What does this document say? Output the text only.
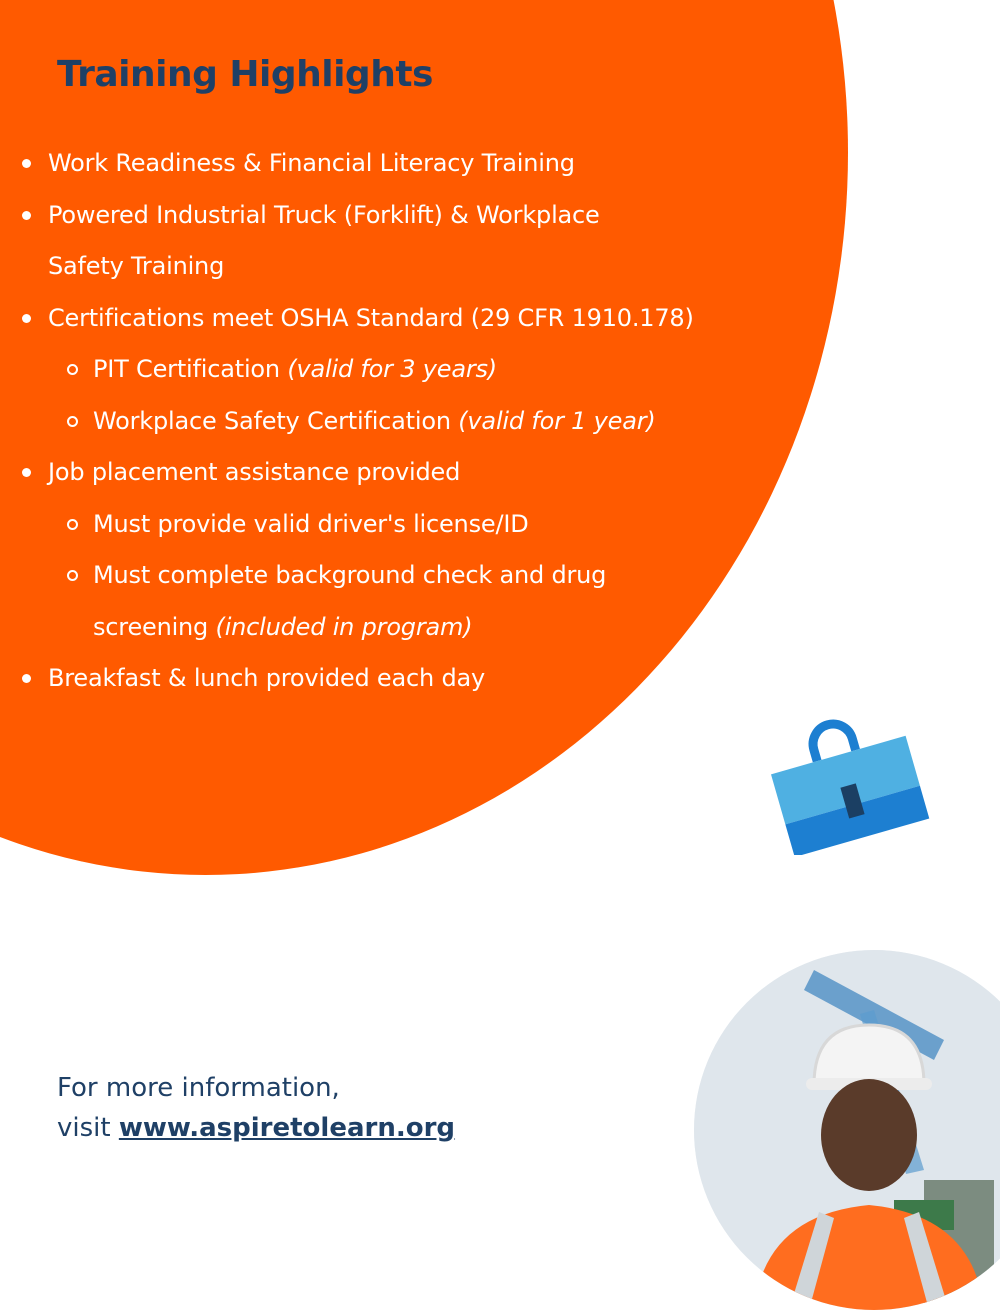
Training Highlights
Work Readiness & Financial Literacy Training
Powered Industrial Truck (Forklift) & Workplace
Safety Training
Certifications meet OSHA Standard (29 CFR 1910.178)
PIT Certification (valid for 3 years)
Workplace Safety Certification (valid for 1 year)
Job placement assistance provided
Must provide valid driver's license/ID
Must complete background check and drug
screening (included in program)
Breakfast & lunch provided each day

For more information,
visit www.aspiretolearn.org
